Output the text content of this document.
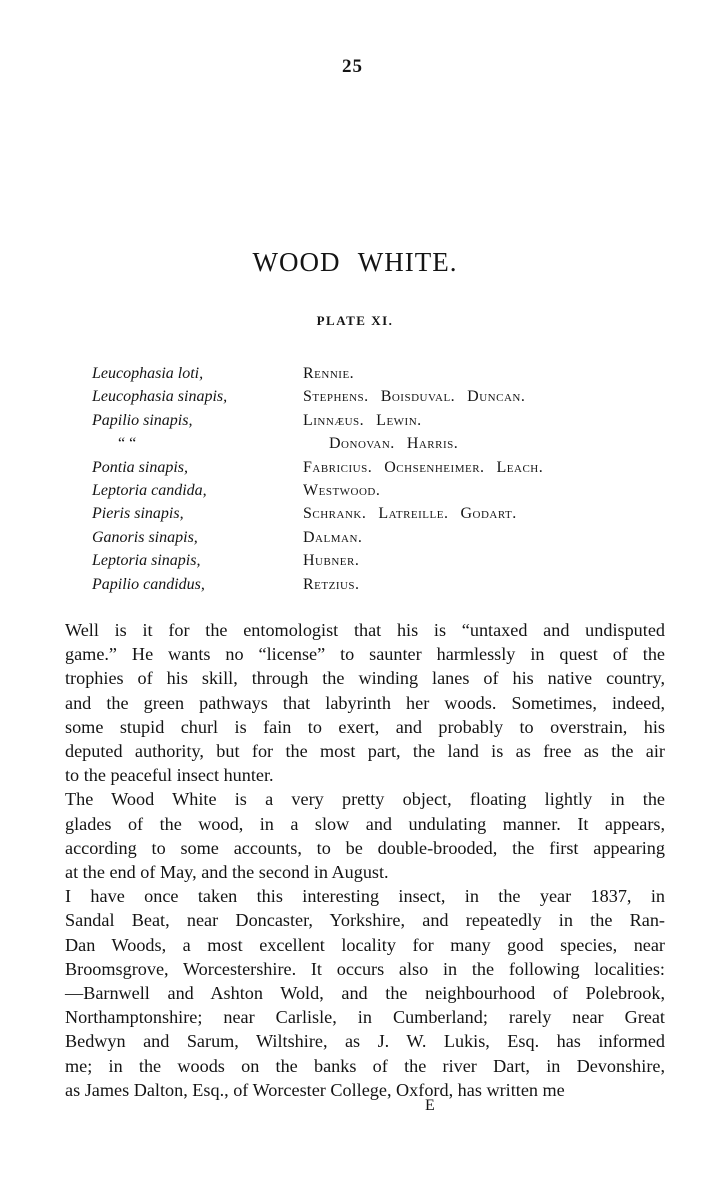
25
WOOD WHITE.
PLATE XI.
Leucophasia loti,	Rennie.
Leucophasia sinapis,	Stephens. Boisduval. Duncan.
Papilio sinapis,	Linnæus. Lewin.
“ “	Donovan. Harris.
Pontia sinapis,	Fabricius. Ochsenheimer. Leach.
Leptoria candida,	Westwood.
Pieris sinapis,	Schrank. Latreille. Godart.
Ganoris sinapis,	Dalman.
Leptoria sinapis,	Hubner.
Papilio candidus,	Retzius.
Well is it for the entomologist that his is “untaxed and undisputed
game.” He wants no “license” to saunter harmlessly in quest of the
trophies of his skill, through the winding lanes of his native country,
and the green pathways that labyrinth her woods. Sometimes, indeed,
some stupid churl is fain to exert, and probably to overstrain, his
deputed authority, but for the most part, the land is as free as the air
to the peaceful insect hunter.
The Wood White is a very pretty object, floating lightly in the
glades of the wood, in a slow and undulating manner. It appears,
according to some accounts, to be double-brooded, the first appearing
at the end of May, and the second in August.
I have once taken this interesting insect, in the year 1837, in
Sandal Beat, near Doncaster, Yorkshire, and repeatedly in the Ran-
Dan Woods, a most excellent locality for many good species, near
Broomsgrove, Worcestershire. It occurs also in the following localities:
—Barnwell and Ashton Wold, and the neighbourhood of Polebrook,
Northamptonshire; near Carlisle, in Cumberland; rarely near Great
Bedwyn and Sarum, Wiltshire, as J. W. Lukis, Esq. has informed
me; in the woods on the banks of the river Dart, in Devonshire,
as James Dalton, Esq., of Worcester College, Oxford, has written me
E
